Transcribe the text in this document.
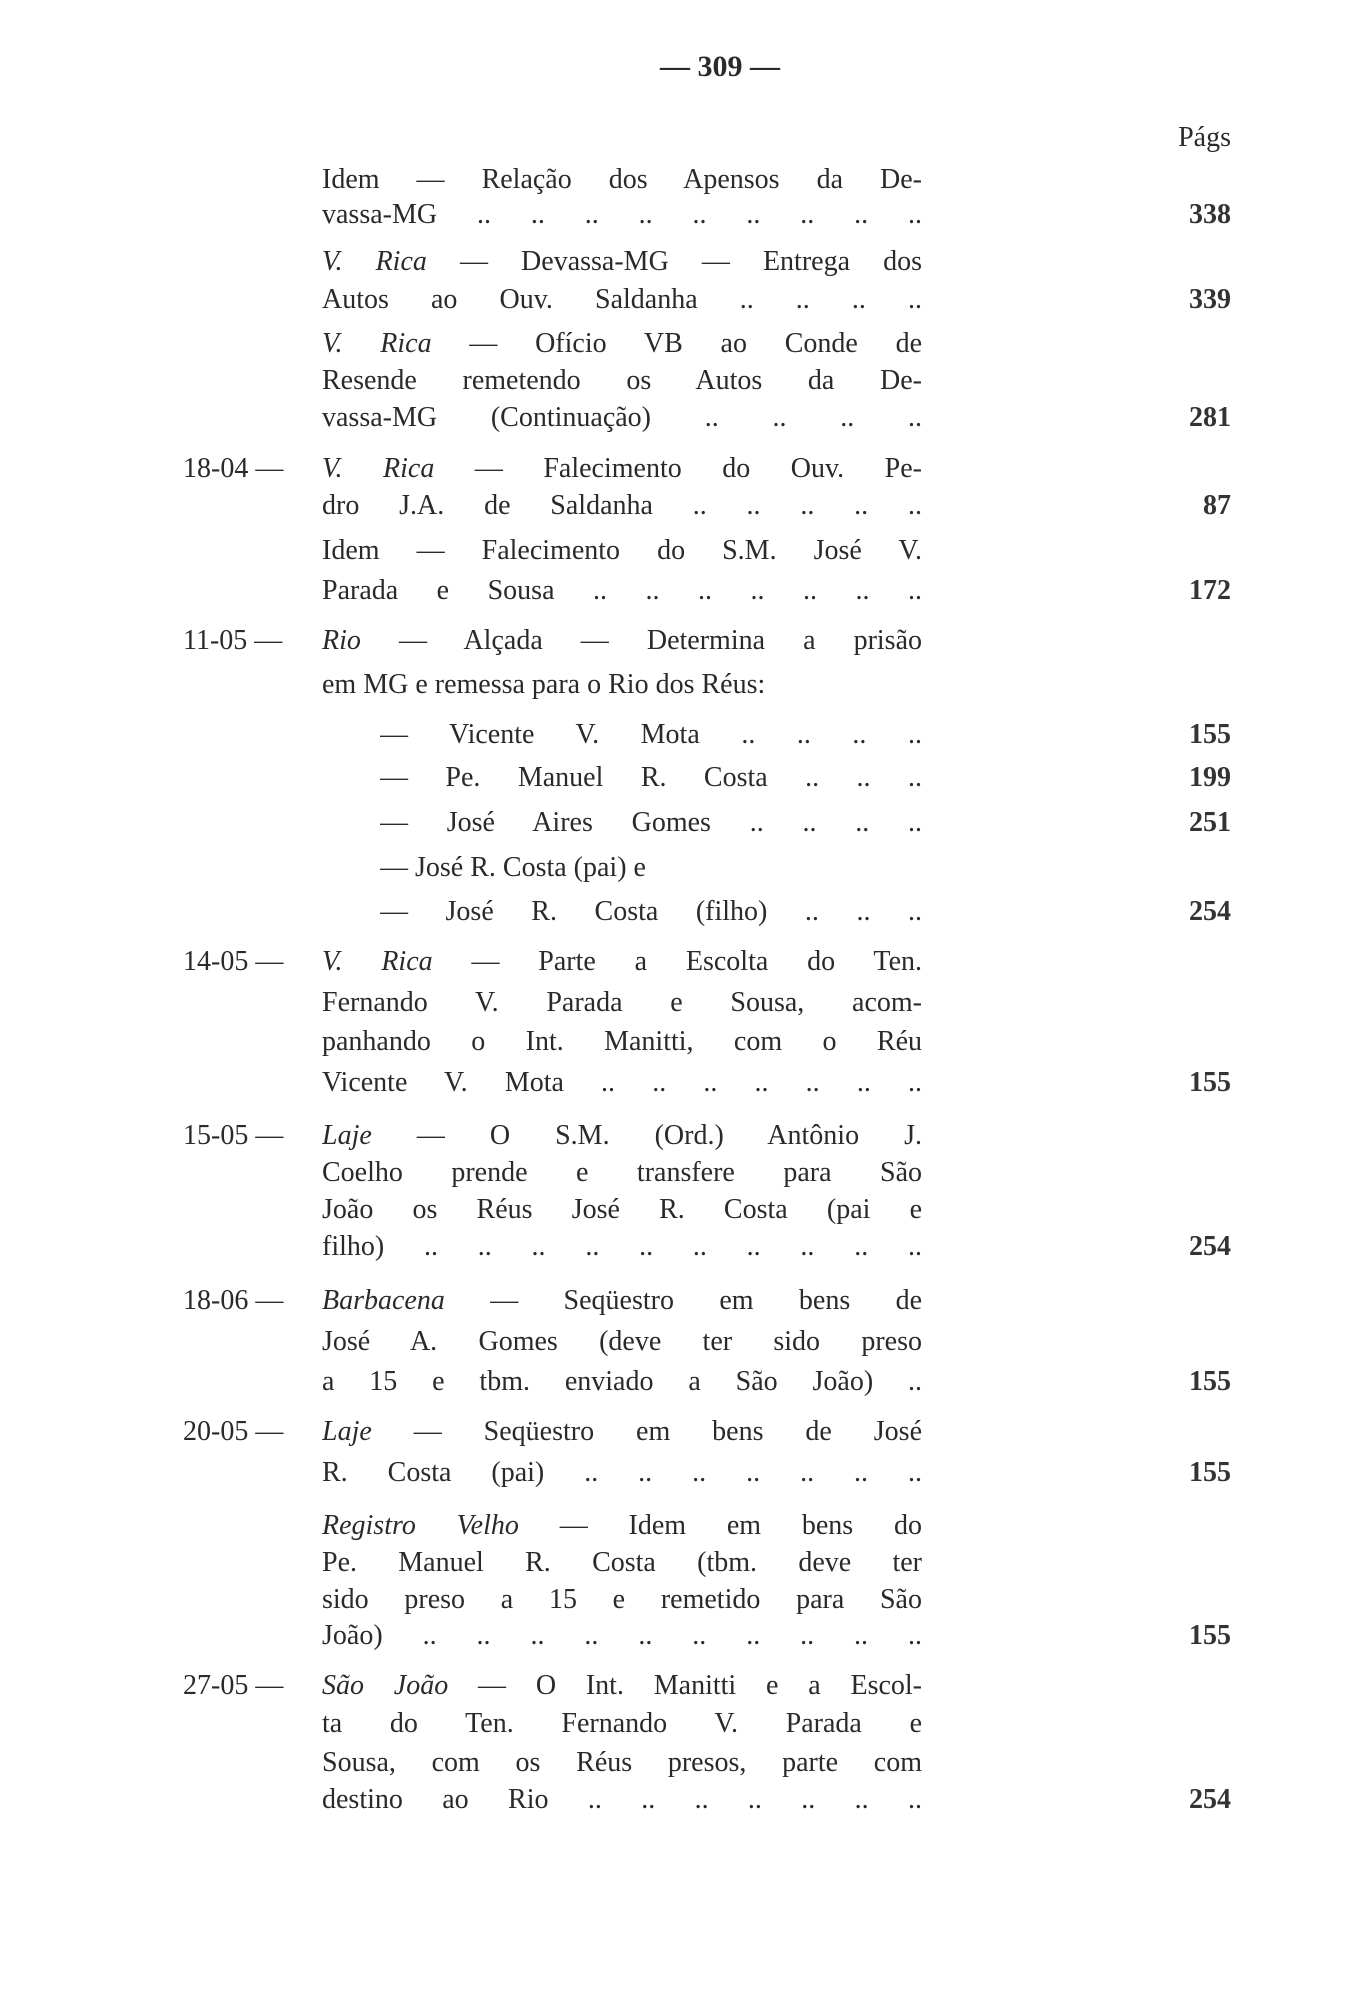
— 309 —
Págs
Idem — Relação dos Apensos da De-
vassa-MG .. .. .. .. .. .. .. .. ..	338
V. Rica — Devassa-MG — Entrega dos
Autos ao Ouv. Saldanha .. .. .. ..	339
V. Rica — Ofício VB ao Conde de
Resende remetendo os Autos da De-
vassa-MG (Continuação) .. .. .. ..	281
18-04 —	V. Rica — Falecimento do Ouv. Pe-
dro J.A. de Saldanha .. .. .. .. ..	87
Idem — Falecimento do S.M. José V.
Parada e Sousa .. .. .. .. .. .. ..	172
11-05 —	Rio — Alçada — Determina a prisão
em MG e remessa para o Rio dos Réus:
— Vicente V. Mota .. .. .. ..	155
— Pe. Manuel R. Costa .. .. ..	199
— José Aires Gomes .. .. .. ..	251
— José R. Costa (pai) e
— José R. Costa (filho) .. .. ..	254
14-05 —	V. Rica — Parte a Escolta do Ten.
Fernando V. Parada e Sousa, acom-
panhando o Int. Manitti, com o Réu
Vicente V. Mota .. .. .. .. .. .. ..	155
15-05 —	Laje — O S.M. (Ord.) Antônio J.
Coelho prende e transfere para São
João os Réus José R. Costa (pai e
filho) .. .. .. .. .. .. .. .. .. ..	254
18-06 —	Barbacena — Seqüestro em bens de
José A. Gomes (deve ter sido preso
a 15 e tbm. enviado a São João) ..	155
20-05 —	Laje — Seqüestro em bens de José
R. Costa (pai) .. .. .. .. .. .. ..	155
Registro Velho — Idem em bens do
Pe. Manuel R. Costa (tbm. deve ter
sido preso a 15 e remetido para São
João) .. .. .. .. .. .. .. .. .. ..	155
27-05 —	São João — O Int. Manitti e a Escol-
ta do Ten. Fernando V. Parada e
Sousa, com os Réus presos, parte com
destino ao Rio .. .. .. .. .. .. ..	254
